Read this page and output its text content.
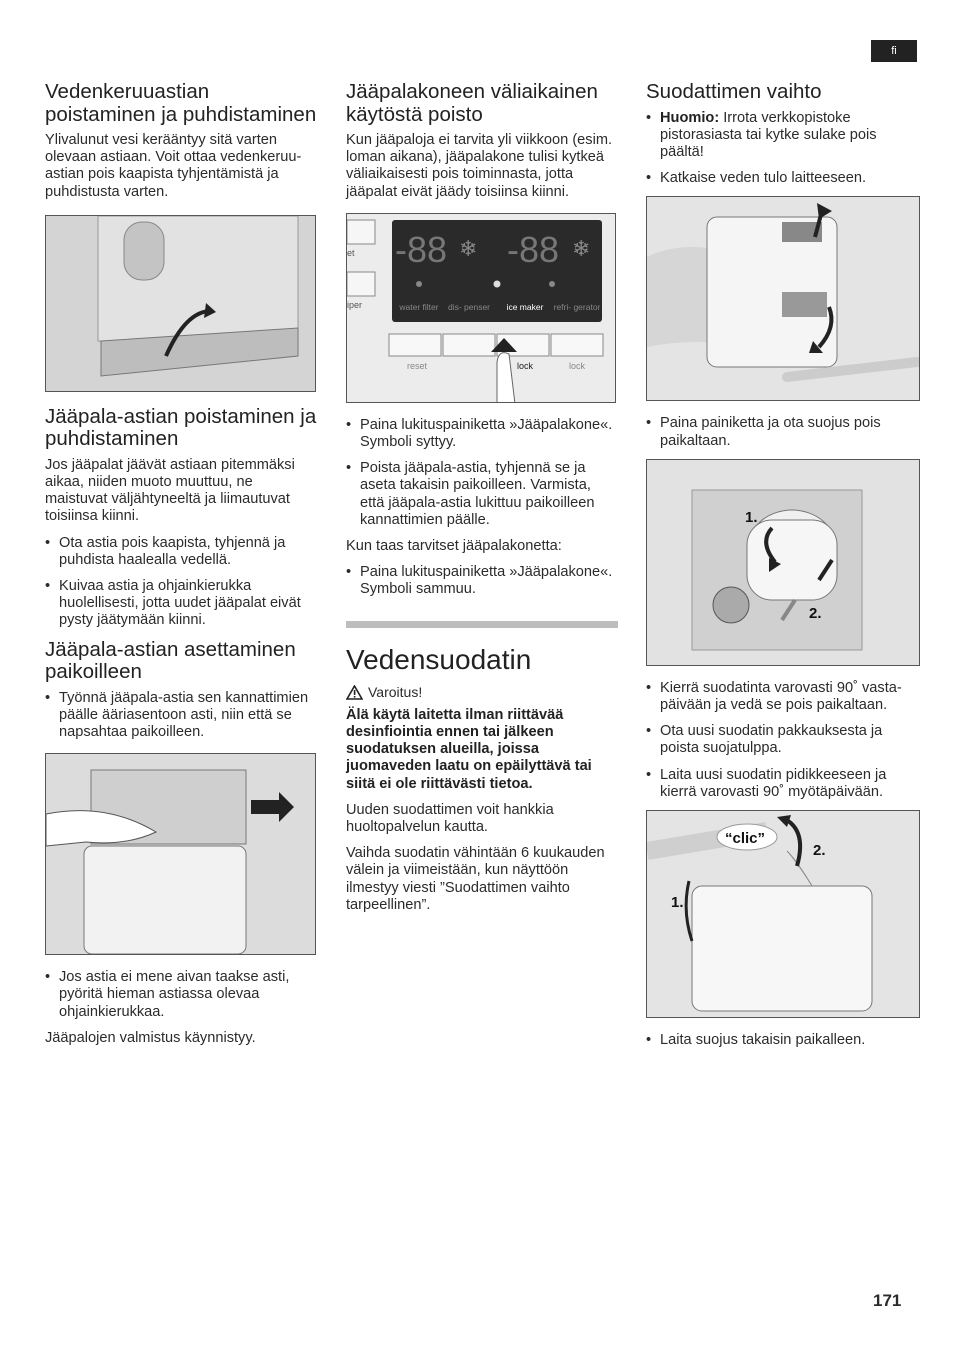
fi
Vedenkeruuastian poistaminen ja puhdistaminen

Ylivalunut vesi kerääntyy sitä varten olevaan astiaan. Voit ottaa vedenkeruu-astian pois kaapista tyhjentämistä ja puhdistusta varten.

Jääpala-astian poistaminen ja puhdistaminen

Jos jääpalat jäävät astiaan pitemmäksi aikaa, niiden muoto muuttuu, ne maistuvat väljähtyneeltä ja liimautuvat toisiinsa kiinni.

• Ota astia pois kaapista, tyhjennä ja puhdista haalealla vedellä.
• Kuivaa astia ja ohjainkierukka huolellisesti, jotta uudet jääpalat eivät pysty jäätymään kiinni.
Jääpala-astian asettaminen paikoilleen
• Työnnä jääpala-astia sen kannattimien päälle ääriasentoon asti, niin että se napsahtaa paikoilleen.
• Jos astia ei mene aivan taakse asti, pyöritä hieman astiassa olevaa ohjainkierukkaa.

Jääpalojen valmistus käynnistyy.

Jääpalakoneen väliaikainen käytöstä poisto

Kun jääpaloja ei tarvita yli viikkoon (esim. loman aikana), jääpalakone tulisi kytkeä väliaikaisesti pois toiminnasta, jotta jääpalat eivät jäädy toisiinsa kiinni.

et
iper
-88 -88
❄	❄
water filter dis- penser ice maker refri- gerator
reset	lock	lock
• Paina lukituspainiketta »Jääpalakone«. Symboli syttyy.
• Poista jääpala-astia, tyhjennä se ja aseta takaisin paikoilleen. Varmista, että jääpala-astia lukittuu paikoilleen kannattimien päälle.

Kun taas tarvitset jääpalakonetta:

• Paina lukituspainiketta »Jääpalakone«. Symboli sammuu.
Vedensuodatin
Varoitus!

Älä käytä laitetta ilman riittävää desinfiointia ennen tai jälkeen suodatuksen alueilla, joissa juomaveden laatu on epäilyttävä tai siitä ei ole riittävästi tietoa.

Uuden suodattimen voit hankkia huoltopalvelun kautta.

Vaihda suodatin vähintään 6 kuukauden välein ja viimeistään, kun näyttöön ilmestyy viesti ”Suodattimen vaihto tarpeellinen”.

Suodattimen vaihto
• Huomio: Irrota verkkopistoke pistorasiasta tai kytke sulake pois päältä!
• Katkaise veden tulo laitteeseen.
• Paina painiketta ja ota suojus pois paikaltaan.
1.
2.
• Kierrä suodatinta varovasti 90˚ vasta-päivään ja vedä se pois paikaltaan.
• Ota uusi suodatin pakkauksesta ja poista suojatulppa.
• Laita uusi suodatin pidikkeeseen ja kierrä varovasti 90˚ myötäpäivään.
“clic”
2.
1.
• Laita suojus takaisin paikalleen.
171
